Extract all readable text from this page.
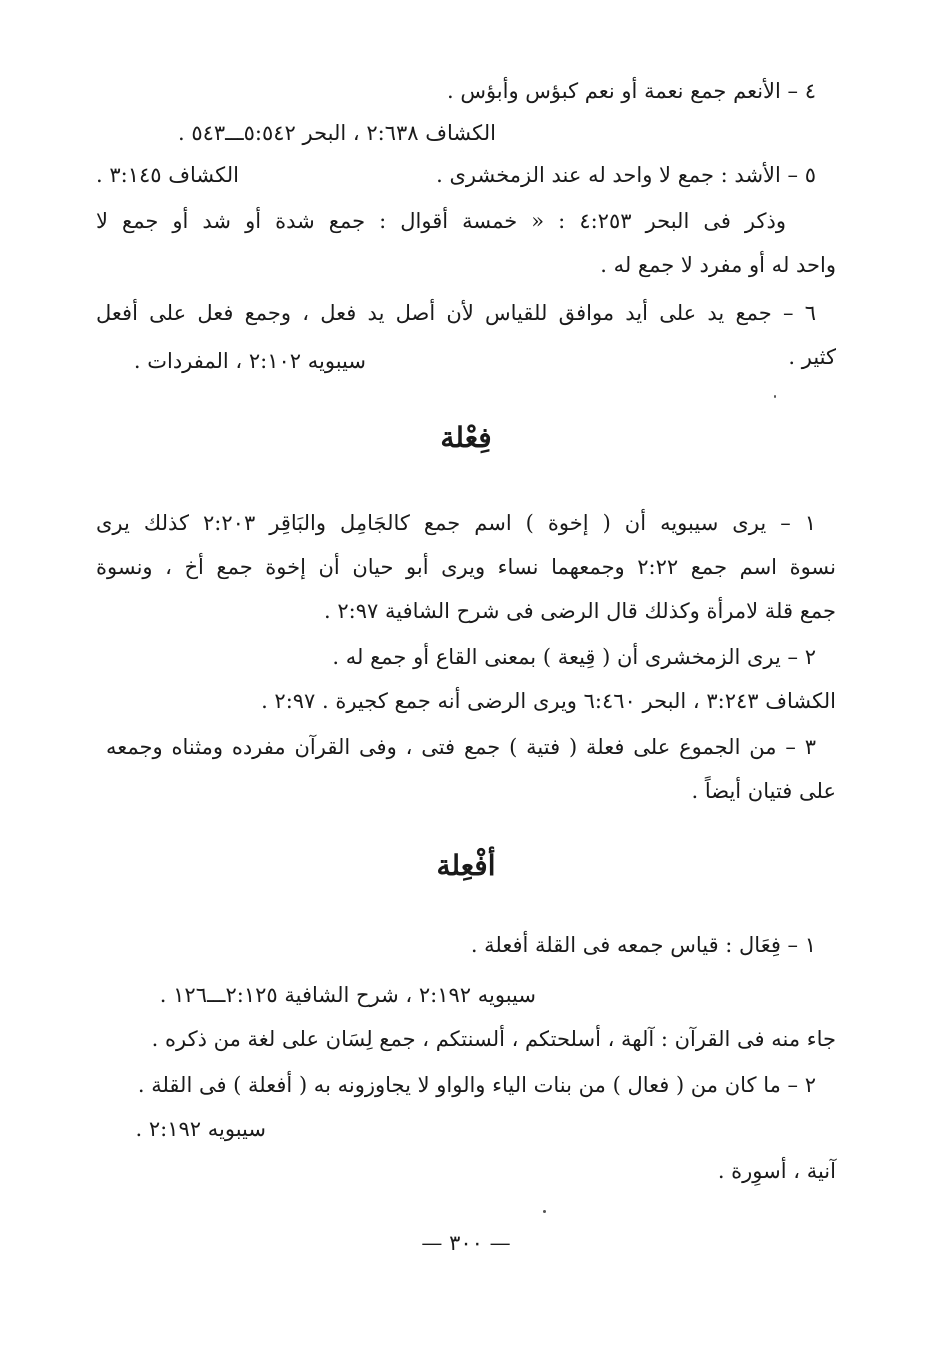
٤ – الأنعم جمع نعمة أو نعم كبؤس وأبؤس .
الكشاف ٢:٦٣٨ ، البحر ٥:٥٤٢ـــ٥٤٣ .
٥ – الأشد : جمع لا واحد له عند الزمخشرى .
الكشاف ٣:١٤٥ .
وذكر فى البحر ٤:٢٥٣ : « خمسة أقوال : جمع شدة أو شد أو جمع لا
واحد له أو مفرد لا جمع له .
٦ – جمع يد على أيد موافق للقياس لأن أصل يد فعل ، وجمع فعل على أفعل
كثير .
سيبويه ٢:١٠٢ ، المفردات .
فِعْلة
١ – يرى سيبويه أن ( إخوة ) اسم جمع كالجَامِل والبَاقِر ٢:٢٠٣ كذلك يرى
نسوة اسم جمع ٢:٢٢ وجمعهما نساء ويرى أبو حيان أن إخوة جمع أخ ، ونسوة
جمع قلة لامرأة وكذلك قال الرضى فى شرح الشافية ٢:٩٧ .
٢ – يرى الزمخشرى أن ( قِيعة ) بمعنى القاع أو جمع له .
الكشاف ٣:٢٤٣ ، البحر ٦:٤٦٠ ويرى الرضى أنه جمع كجيرة . ٢:٩٧ .
٣ – من الجموع على فعلة ( فتية ) جمع فتى ، وفى القرآن مفرده ومثناه وجمعه
على فتيان أيضاً .
أفْعِلة
١ – فِعَال : قياس جمعه فى القلة أفعلة .
سيبويه ٢:١٩٢ ، شرح الشافية ٢:١٢٥ـــ١٢٦ .
جاء منه فى القرآن : آلهة ، أسلحتكم ، ألسنتكم ، جمع لِسَان على لغة من ذكره .
٢ – ما كان من ( فعال ) من بنات الياء والواو لا يجاوزونه به ( أفعلة ) فى القلة .
سيبويه ٢:١٩٢ .
آنية ، أسوِرة .
— ٣٠٠ —
